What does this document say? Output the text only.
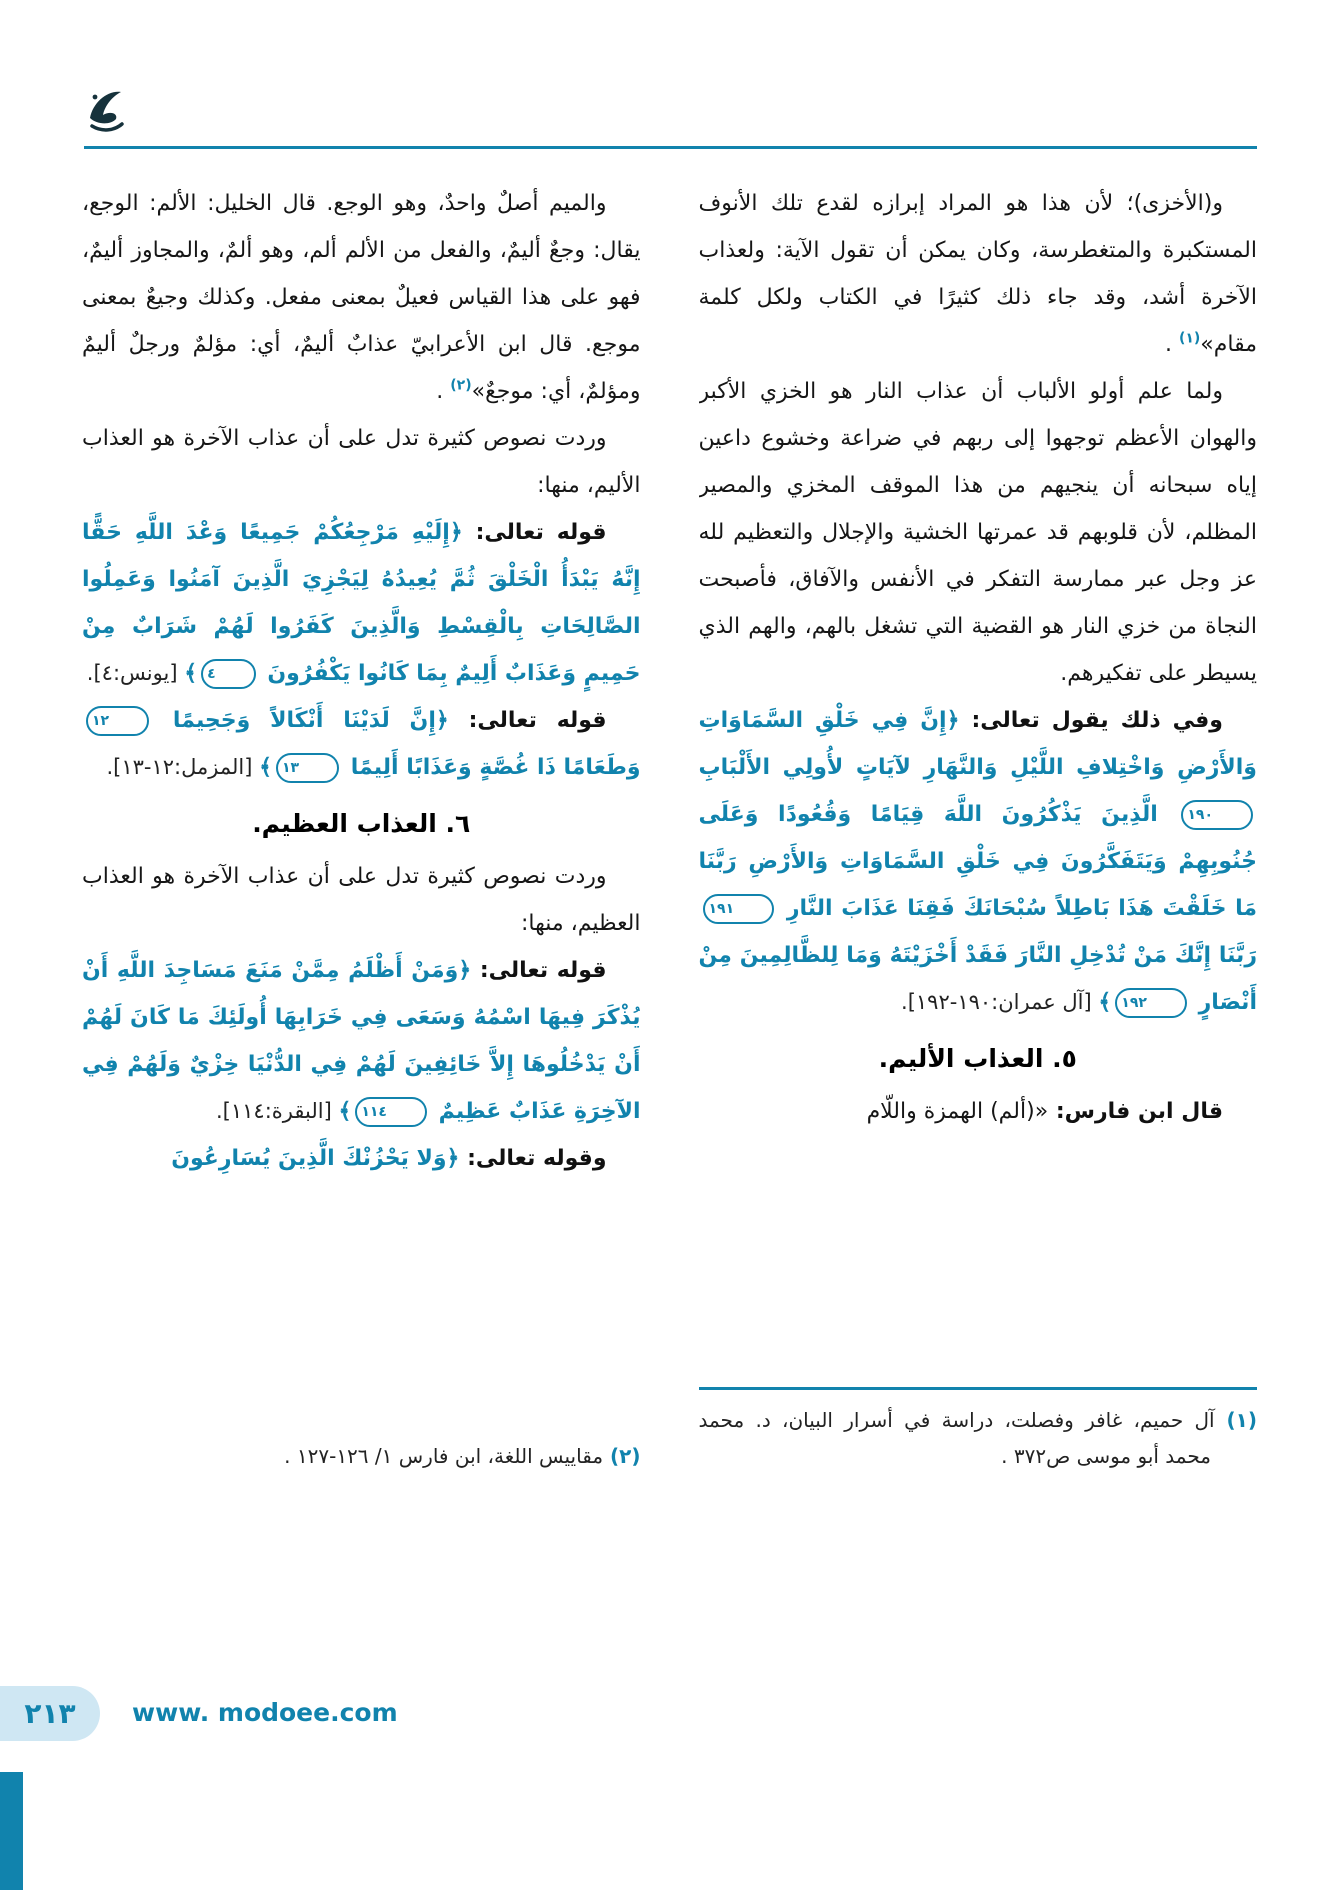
و(الأخزى)؛ لأن هذا هو المراد إبرازه لقدع تلك الأنوف المستكبرة والمتغطرسة، وكان يمكن أن تقول الآية: ولعذاب الآخرة أشد، وقد جاء ذلك كثيرًا في الكتاب ولكل كلمة مقام»$^{(١)}$ .

ولما علم أولو الألباب أن عذاب النار هو الخزي الأكبر والهوان الأعظم توجهوا إلى ربهم في ضراعة وخشوع داعين إياه سبحانه أن ينجيهم من هذا الموقف المخزي والمصير المظلم، لأن قلوبهم قد عمرتها الخشية والإجلال والتعظيم لله عز وجل عبر ممارسة التفكر في الأنفس والآفاق، فأصبحت النجاة من خزي النار هو القضية التي تشغل بالهم، والهم الذي يسيطر على تفكيرهم.

وفي ذلك يقول تعالى: ﴿إِنَّ فِي خَلْقِ السَّمَاوَاتِ وَالأَرْضِ وَاخْتِلافِ اللَّيْلِ وَالنَّهَارِ لآيَاتٍ لأُولِي الأَلْبَابِ ١٩٠ الَّذِينَ يَذْكُرُونَ اللَّهَ قِيَامًا وَقُعُودًا وَعَلَى جُنُوبِهِمْ وَيَتَفَكَّرُونَ فِي خَلْقِ السَّمَاوَاتِ وَالأَرْضِ رَبَّنَا مَا خَلَقْتَ هَذَا بَاطِلاً سُبْحَانَكَ فَقِنَا عَذَابَ النَّارِ ١٩١ رَبَّنَا إِنَّكَ مَنْ تُدْخِلِ النَّارَ فَقَدْ أَخْزَيْتَهُ وَمَا لِلظَّالِمِينَ مِنْ أَنْصَارٍ ١٩٢﴾ [آل عمران:١٩٠-١٩٢].

٥. العذاب الأليم.

قال ابن فارس: «(ألم) الهمزة واللّام

(١) آل حميم، غافر وفصلت، دراسة في أسرار البيان، د. محمد محمد أبو موسى ص٣٧٢ .

والميم أصلٌ واحدٌ، وهو الوجع. قال الخليل: الألم: الوجع، يقال: وجعٌ أليمٌ، والفعل من الألم ألم، وهو ألمٌ، والمجاوز أليمٌ، فهو على هذا القياس فعيلٌ بمعنى مفعل. وكذلك وجيعٌ بمعنى موجع. قال ابن الأعرابيّ عذابٌ أليمٌ، أي: مؤلمٌ ورجلٌ أليمٌ ومؤلمٌ، أي: موجعٌ»$^{(٢)}$ .

وردت نصوص كثيرة تدل على أن عذاب الآخرة هو العذاب الأليم، منها:

قوله تعالى: ﴿إِلَيْهِ مَرْجِعُكُمْ جَمِيعًا وَعْدَ اللَّهِ حَقًّا إِنَّهُ يَبْدَأُ الْخَلْقَ ثُمَّ يُعِيدُهُ لِيَجْزِيَ الَّذِينَ آمَنُوا وَعَمِلُوا الصَّالِحَاتِ بِالْقِسْطِ وَالَّذِينَ كَفَرُوا لَهُمْ شَرَابٌ مِنْ حَمِيمٍ وَعَذَابٌ أَلِيمٌ بِمَا كَانُوا يَكْفُرُونَ ٤﴾ [يونس:٤].

قوله تعالى: ﴿إِنَّ لَدَيْنَا أَنْكَالاً وَجَحِيمًا ١٢ وَطَعَامًا ذَا غُصَّةٍ وَعَذَابًا أَلِيمًا ١٣﴾ [المزمل:١٢-١٣].

٦. العذاب العظيم.

وردت نصوص كثيرة تدل على أن عذاب الآخرة هو العذاب العظيم، منها:

قوله تعالى: ﴿وَمَنْ أَظْلَمُ مِمَّنْ مَنَعَ مَسَاجِدَ اللَّهِ أَنْ يُذْكَرَ فِيهَا اسْمُهُ وَسَعَى فِي خَرَابِهَا أُولَئِكَ مَا كَانَ لَهُمْ أَنْ يَدْخُلُوهَا إِلاَّ خَائِفِينَ لَهُمْ فِي الدُّنْيَا خِزْيٌ وَلَهُمْ فِي الآخِرَةِ عَذَابٌ عَظِيمٌ ١١٤﴾ [البقرة:١١٤].

وقوله تعالى: ﴿وَلا يَحْزُنْكَ الَّذِينَ يُسَارِعُونَ

(٢) مقاييس اللغة، ابن فارس ١/ ١٢٦-١٢٧ .

٢١٣ www. modoee.com
